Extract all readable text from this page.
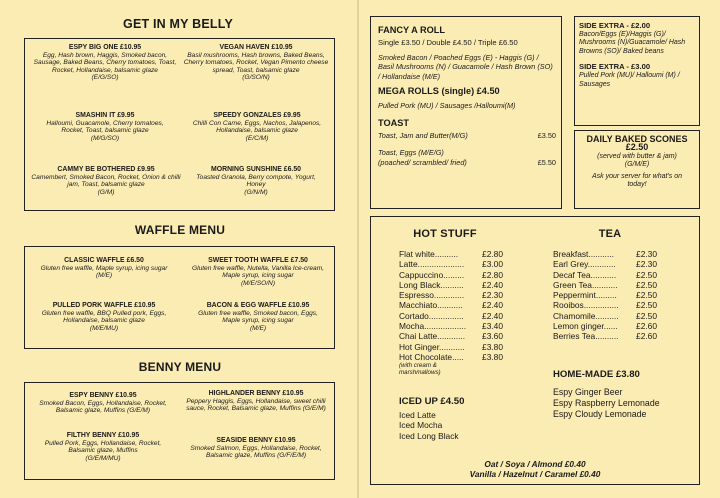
GET IN MY BELLY
ESPY BIG ONE £10.95
Egg, Hash brown, Haggis, Smoked bacon, Sausage, Baked Beans, Cherry tomatoes, Toast, Rocket, Hollandaise, balsamic glaze
(E/G/SO)
VEGAN HAVEN £10.95
Basil mushrooms, Hash browns, Baked Beans, Cherry tomatoes, Rocket, Vegan Pimento cheese spread, Toast, balsamic glaze
(G/SO/N)
SMASHIN IT £9.95
Halloumi, Guacamole, Cherry tomatoes, Rocket, Toast, balsamic glaze
(M/G/SO)
SPEEDY GONZALES £9.95
Chilli Con Carne, Eggs, Nachos, Jalapenos, Hollandaise, balsamic glaze
(E/C/M)
CAMMY BE BOTHERED £9.95
Camembert, Smoked Bacon, Rocket, Onion & chilli jam, Toast, balsamic glaze
(G/M)
MORNING SUNSHINE £6.50
Toasted Granola, Berry compote, Yogurt, Honey
(G/N/M)
WAFFLE MENU
CLASSIC WAFFLE £6.50
Gluten free waffle, Maple syrup, icing sugar
(M/E)
SWEET TOOTH WAFFLE £7.50
Gluten free waffle, Nutella, Vanilla Ice-cream, Maple syrup, icing sugar
(M/E/SO/N)
PULLED PORK WAFFLE £10.95
Gluten free waffle, BBQ Pulled pork, Eggs, Hollandaise, balsamic glaze
(M/E/MU)
BACON & EGG WAFFLE £10.95
Gluten free waffle, Smoked bacon, Eggs, Maple syrup, icing sugar
(M/E)
BENNY MENU
ESPY BENNY £10.95
Smoked Bacon, Eggs, Hollandaise, Rocket, Balsamic glaze, Muffins (G/E/M)
HIGHLANDER BENNY £10.95
Peppery Haggis, Eggs, Hollandaise, sweet chilli sauce, Rocket, Balsamic glaze, Muffins (G/E/M)
FILTHY BENNY £10.95
Pulled Pork, Eggs, Hollandaise, Rocket, Balsamic glaze, Muffins
(G/E/M/MU)
SEASIDE BENNY £10.95
Smoked Salmon, Eggs, Hollandaise, Rocket, Balsamic glaze, Muffins (G/F/E/M)
FANCY A ROLL
Single £3.50 / Double £4.50 / Triple £6.50
Smoked Bacon / Poached Eggs (E) - Haggis (G) / Basil Mushrooms (N) / Guacamole / Hash Brown (SO) / Hollandaise (M/E)
MEGA ROLLS (single) £4.50
Pulled Pork (MU) / Sausages /Halloumi(M)
TOAST
Toast, Jam and Butter(M/G)	£3.50
Toast, Eggs (M/E/G)
(poached/ scrambled/ fried)	£5.50
SIDE EXTRA - £2.00
Bacon/Eggs (E)/Haggis (G)/ Mushrooms (N)/Guacamole/ Hash Browns (SO)/ Baked beans
SIDE EXTRA - £3.00
Pulled Pork (MU)/ Halloumi (M) / Sausages
DAILY BAKED SCONES
£2.50
(served with butter & jam)
(G/M/E)
Ask your server for what's on today!
HOT STUFF
Flat white..........	£2.80
Latte.................... £3.00
Cappuccino......... £2.80
Long Black.......... £2.40
Espresso............. £2.30
Macchiato........... £2.40
Cortado............... £2.40
Mocha.................. £3.40
Chai Latte............ £3.60
Hot Ginger........... £3.80
Hot Chocolate..... £3.80
(with cream & marshmallows)
ICED UP £4.50
Iced Latte
Iced Mocha
Iced Long Black
TEA
Breakfast...........	£2.30
Earl Grey............ £2.30
Decaf Tea........... £2.50
Green Tea........... £2.50
Peppermint......... £2.50
Rooibos............... £2.50
Chamomile.......... £2.50
Lemon ginger...... £2.60
Berries Tea.......... £2.60
HOME-MADE £3.80
Espy Ginger Beer
Espy Raspberry Lemonade
Espy Cloudy Lemonade
Oat / Soya / Almond £0.40
Vanilla / Hazelnut / Caramel £0.40
